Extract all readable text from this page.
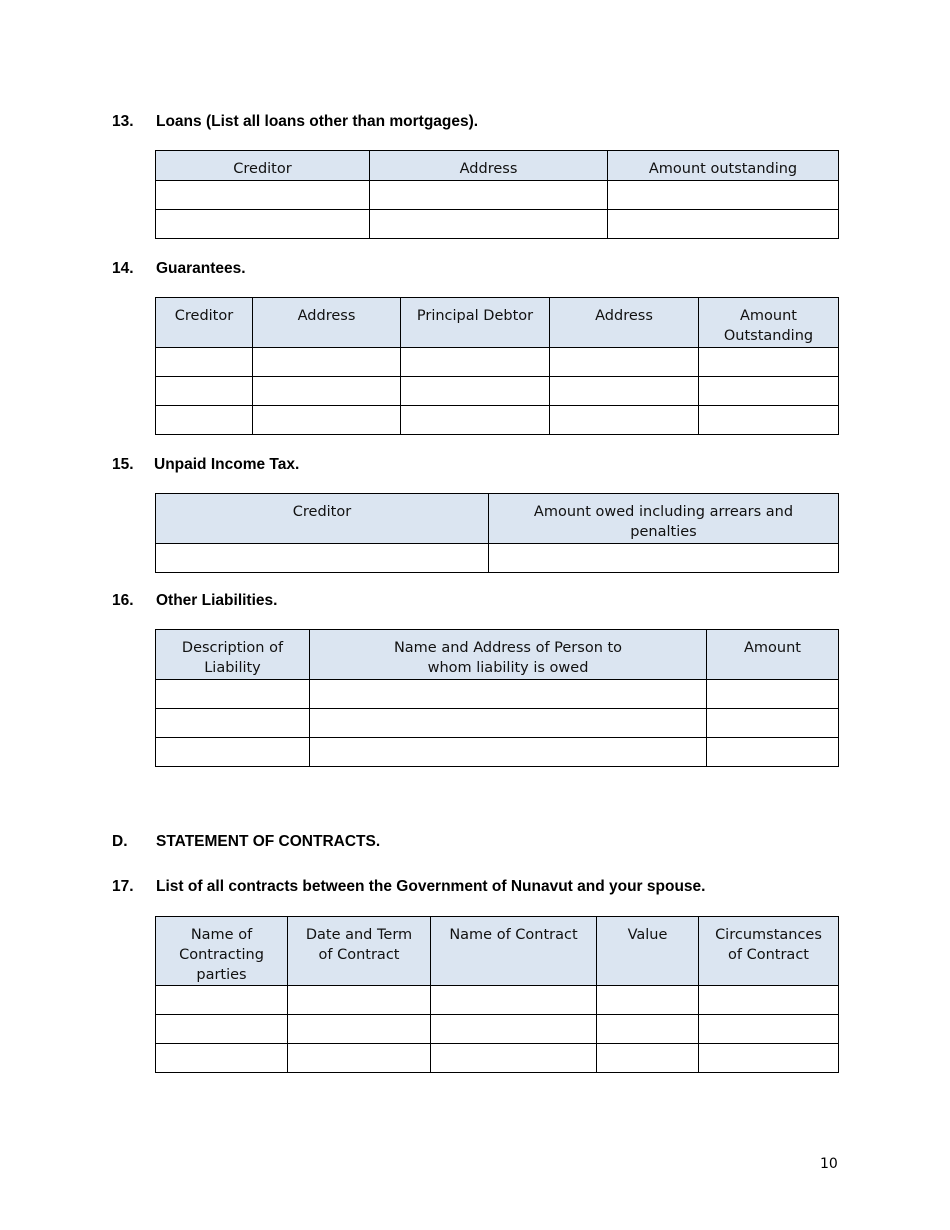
13. Loans (List all loans other than mortgages).
Creditor	Address	Amount outstanding

14. Guarantees.
Creditor	Address	Principal Debtor	Address	Amount
Outstanding

15. Unpaid Income Tax.
Creditor	Amount owed including arrears and
penalties

16. Other Liabilities.
Description of
Liability	Name and Address of Person to
whom liability is owed	Amount

D. STATEMENT OF CONTRACTS.
17. List of all contracts between the Government of Nunavut and your spouse.
Name of
Contracting
parties	Date and Term
of Contract	Name of Contract	Value	Circumstances
of Contract

10
